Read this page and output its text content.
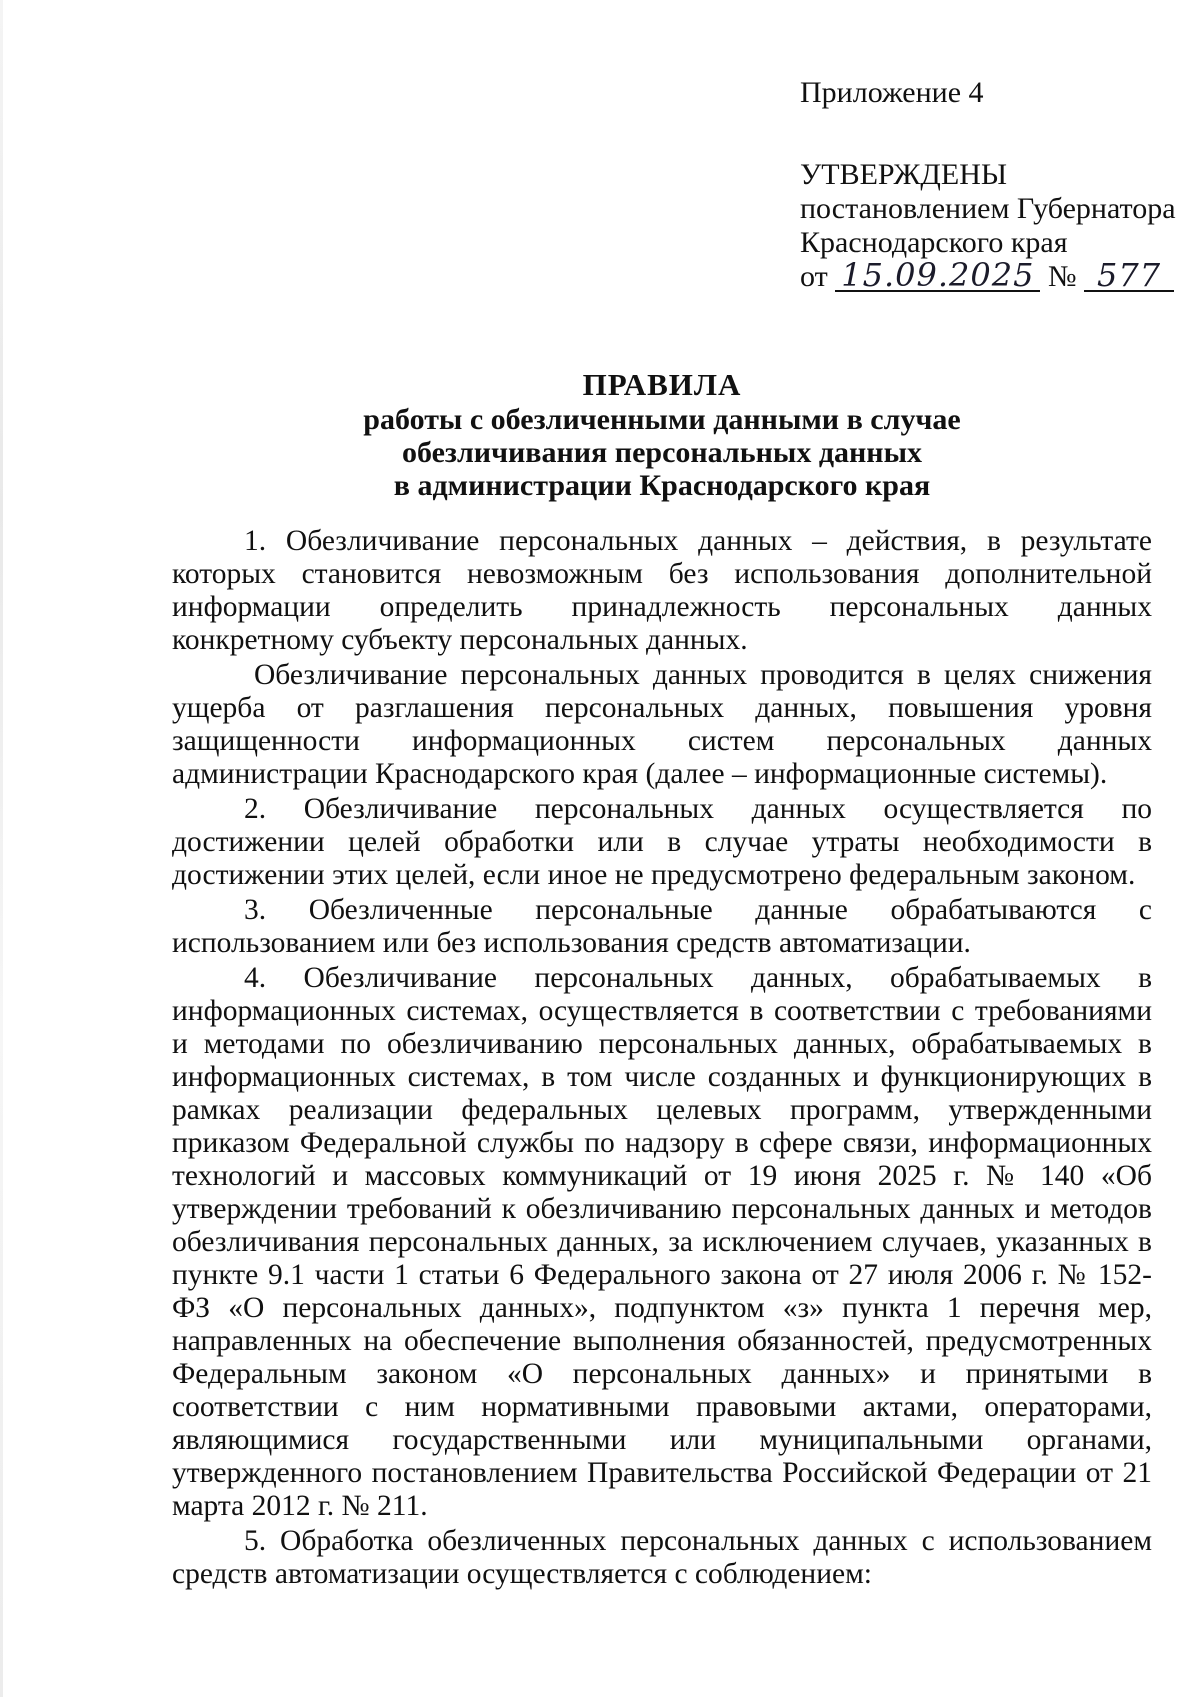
Приложение 4
УТВЕРЖДЕНЫ
постановлением Губернатора
Краснодарского края
от 15.09.2025 № 577
ПРАВИЛА
работы с обезличенными данными в случае
обезличивания персональных данных
в администрации Краснодарского края

1. Обезличивание персональных данных – действия, в результате которых становится невозможным без использования дополнительной информации определить принадлежность персональных данных конкретному субъекту персональных данных.

Обезличивание персональных данных проводится в целях снижения ущерба от разглашения персональных данных, повышения уровня защищенности информационных систем персональных данных администрации Краснодарского края (далее – информационные системы).

2. Обезличивание персональных данных осуществляется по достижении целей обработки или в случае утраты необходимости в достижении этих целей, если иное не предусмотрено федеральным законом.

3. Обезличенные персональные данные обрабатываются с использованием или без использования средств автоматизации.

4. Обезличивание персональных данных, обрабатываемых в информационных системах, осуществляется в соответствии с требованиями и методами по обезличиванию персональных данных, обрабатываемых в информационных системах, в том числе созданных и функционирующих в рамках реализации федеральных целевых программ, утвержденными приказом Федеральной службы по надзору в сфере связи, информационных технологий и массовых коммуникаций от 19 июня 2025 г. № 140 «Об утверждении требований к обезличиванию персональных данных и методов обезличивания персональных данных, за исключением случаев, указанных в пункте 9.1 части 1 статьи 6 Федерального закона от 27 июля 2006 г. № 152-ФЗ «О персональных данных», подпунктом «з» пункта 1 перечня мер, направленных на обеспечение выполнения обязанностей, предусмотренных Федеральным законом «О персональных данных» и принятыми в соответствии с ним нормативными правовыми актами, операторами, являющимися государственными или муниципальными органами, утвержденного постановлением Правительства Российской Федерации от 21 марта 2012 г. № 211.

5. Обработка обезличенных персональных данных с использованием средств автоматизации осуществляется с соблюдением:
